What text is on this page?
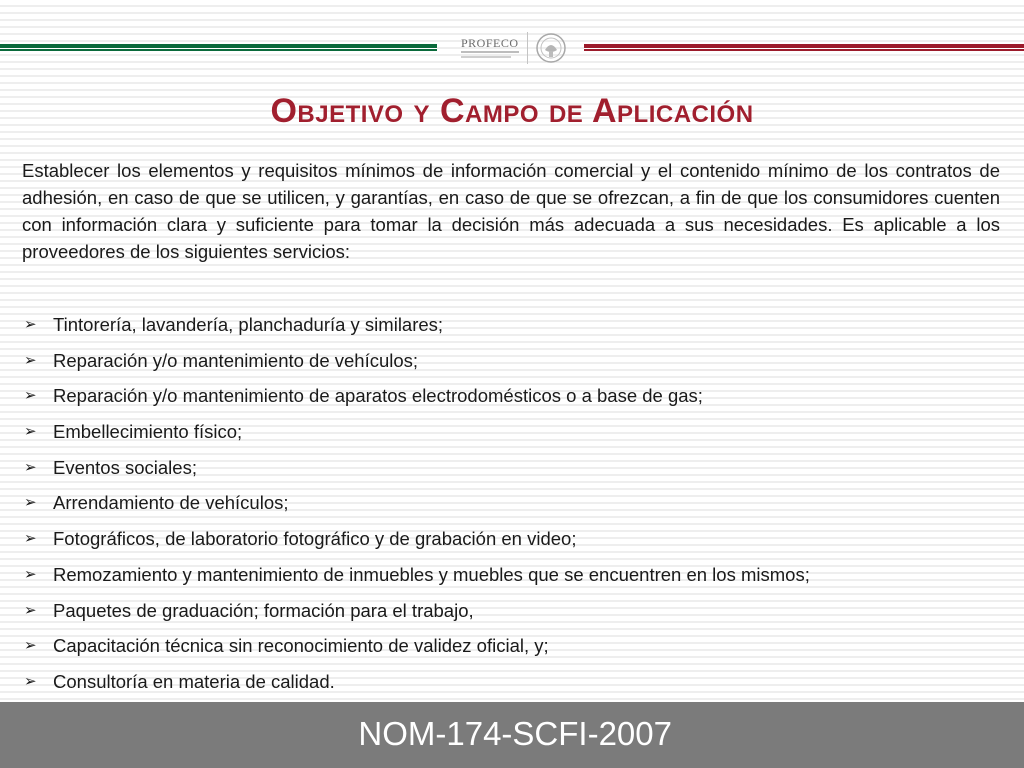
PROFECO
Objetivo y Campo de Aplicación

Establecer los elementos y requisitos mínimos de información comercial y el contenido mínimo de los contratos de adhesión, en caso de que se utilicen, y garantías, en caso de que se ofrezcan, a fin de que los consumidores cuenten con información clara y suficiente para tomar la decisión más adecuada a sus necesidades. Es aplicable a los proveedores de los siguientes servicios:

➢ Tintorería, lavandería, planchaduría y similares;
➢ Reparación y/o mantenimiento de vehículos;
➢ Reparación y/o mantenimiento de aparatos electrodomésticos o a base de gas;
➢ Embellecimiento físico;
➢ Eventos sociales;
➢ Arrendamiento de vehículos;
➢ Fotográficos, de laboratorio fotográfico y de grabación en video;
➢ Remozamiento y mantenimiento de inmuebles y muebles que se encuentren en los mismos;
➢ Paquetes de graduación; formación para el trabajo,
➢ Capacitación técnica sin reconocimiento de validez oficial, y;
➢ Consultoría en materia de calidad.
NOM-174-SCFI-2007
